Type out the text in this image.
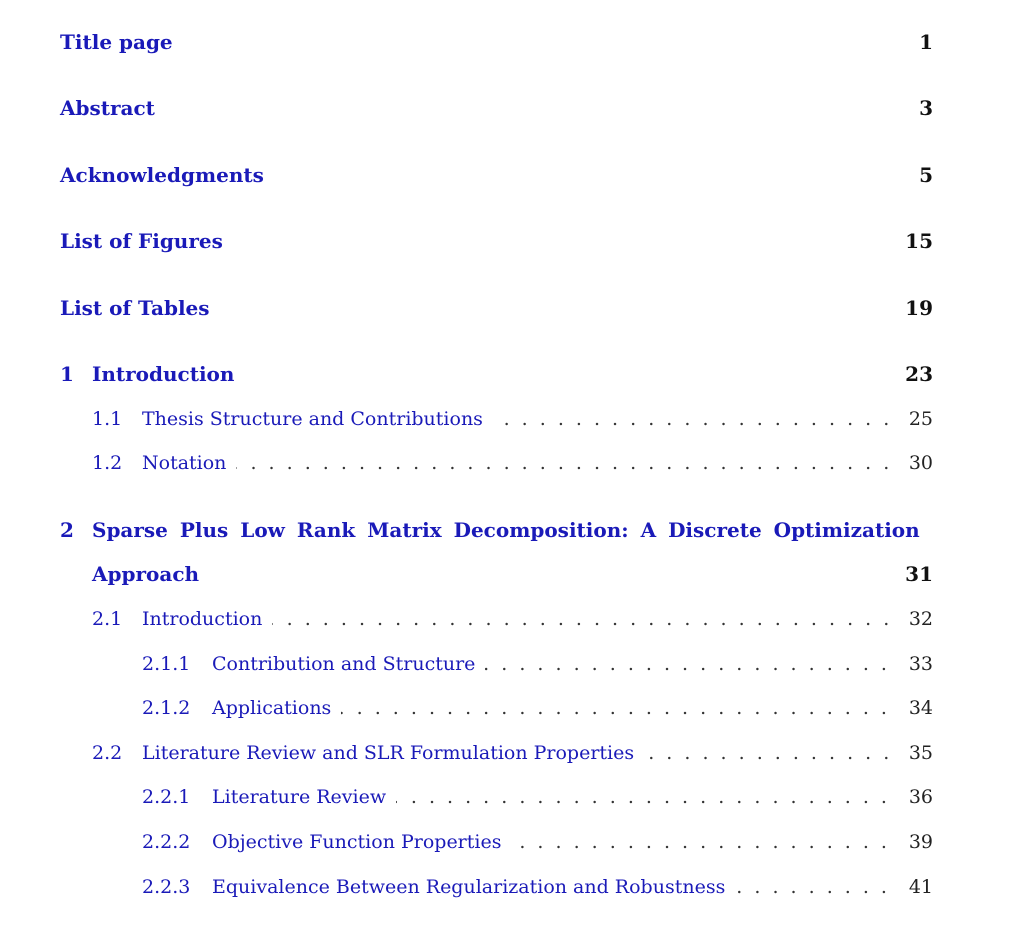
Title page	1
Abstract	3
Acknowledgments	5
List of Figures	15
List of Tables	19
1 Introduction	23
1.1 . . . Thesis Structure and Contributions	25
1.2 . . . Notation	30
2 Sparse Plus Low Rank Matrix Decomposition: A Discrete Optimization
Approach	31
2.1 . . . Introduction	32
2.1.1 . . . Contribution and Structure	33
2.1.2 . . . Applications	34
2.2 . . . Literature Review and SLR Formulation Properties	35
2.2.1 . . . Literature Review	36
2.2.2 . . . Objective Function Properties	39
2.2.3 . . . Equivalence Between Regularization and Robustness	41
